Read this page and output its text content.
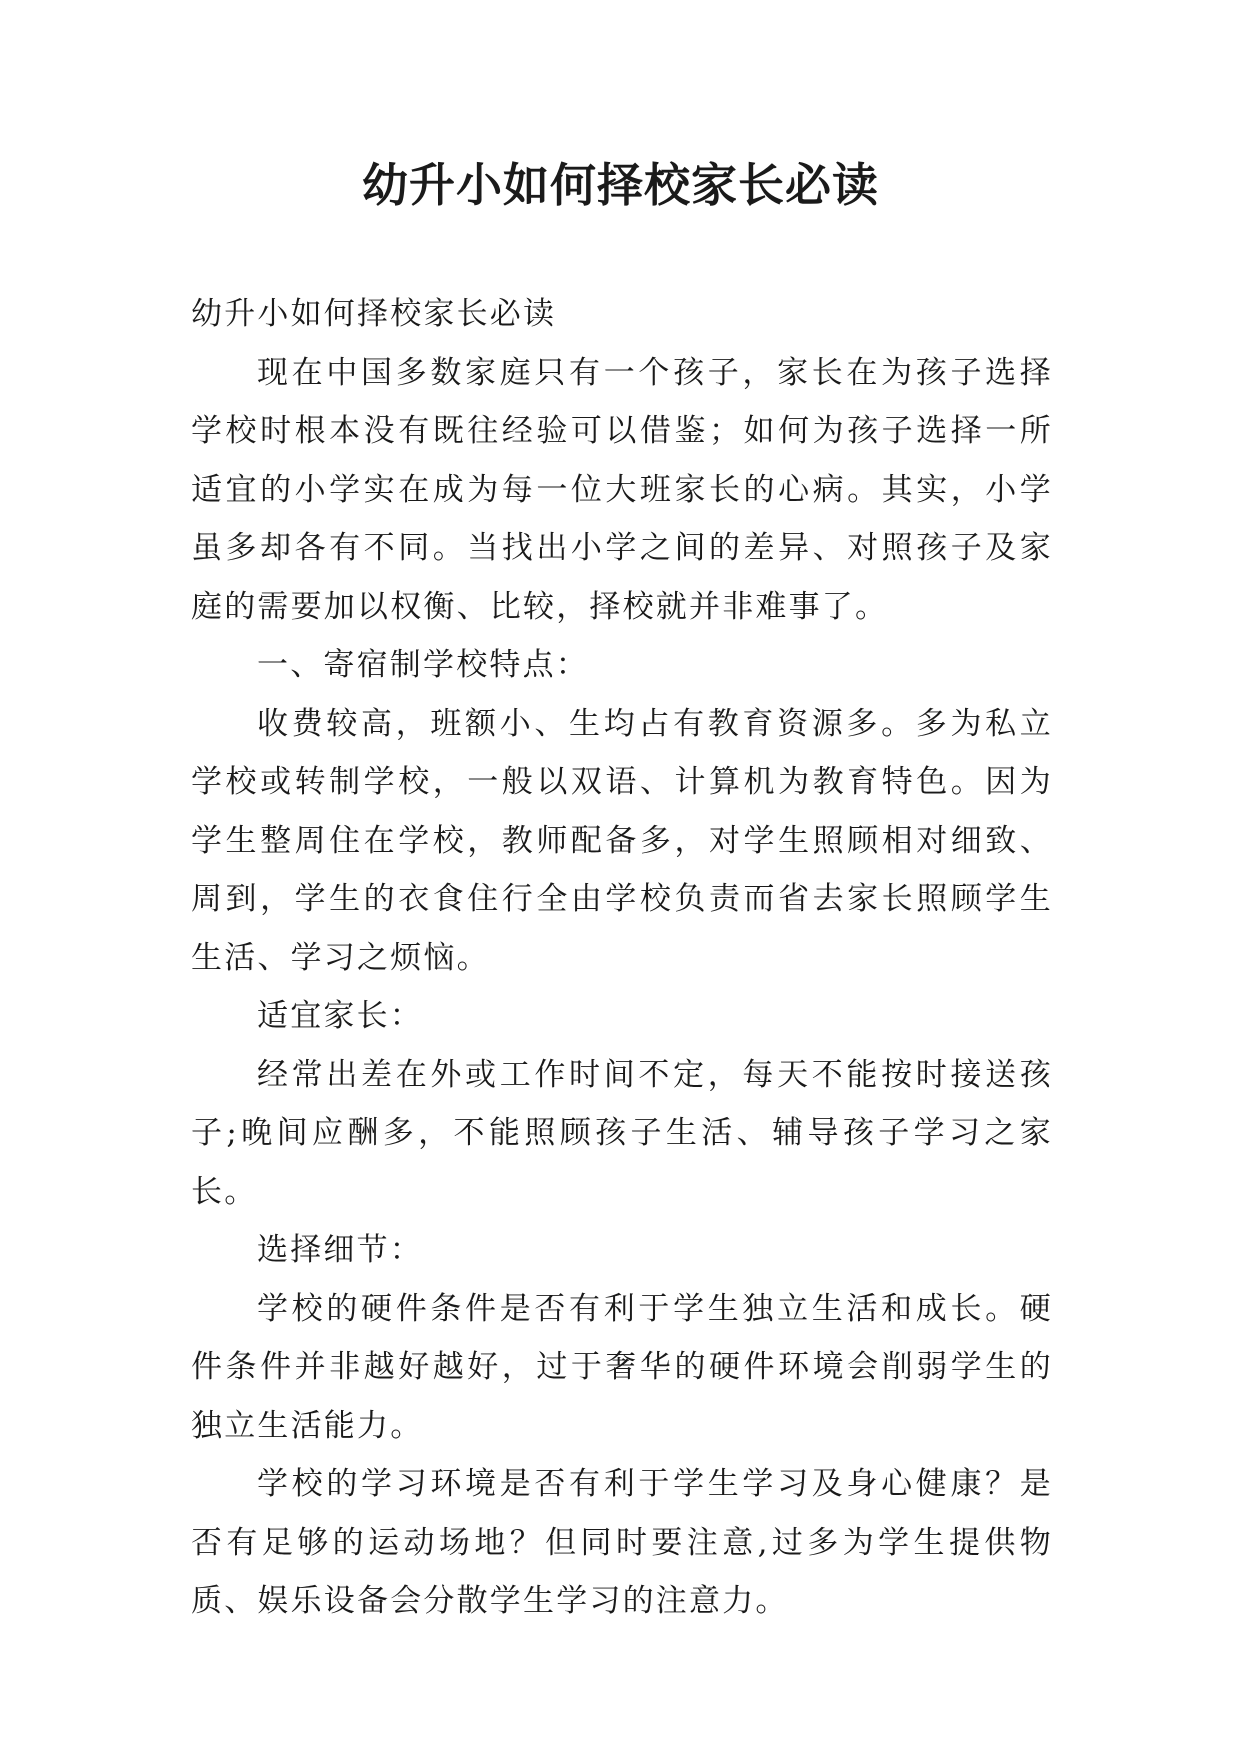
幼升小如何择校家长必读

幼升小如何择校家长必读

现在中国多数家庭只有一个孩子，家长在为孩子选择学校时根本没有既往经验可以借鉴；如何为孩子选择一所适宜的小学实在成为每一位大班家长的心病。其实，小学虽多却各有不同。当找出小学之间的差异、对照孩子及家庭的需要加以权衡、比较，择校就并非难事了。

一、寄宿制学校特点：

收费较高，班额小、生均占有教育资源多。多为私立学校或转制学校，一般以双语、计算机为教育特色。因为学生整周住在学校，教师配备多，对学生照顾相对细致、周到，学生的衣食住行全由学校负责而省去家长照顾学生生活、学习之烦恼。

适宜家长：

经常出差在外或工作时间不定，每天不能按时接送孩子;晚间应酬多，不能照顾孩子生活、辅导孩子学习之家长。

选择细节：

学校的硬件条件是否有利于学生独立生活和成长。硬件条件并非越好越好，过于奢华的硬件环境会削弱学生的独立生活能力。

学校的学习环境是否有利于学生学习及身心健康？是否有足够的运动场地？但同时要注意,过多为学生提供物质、娱乐设备会分散学生学习的注意力。
